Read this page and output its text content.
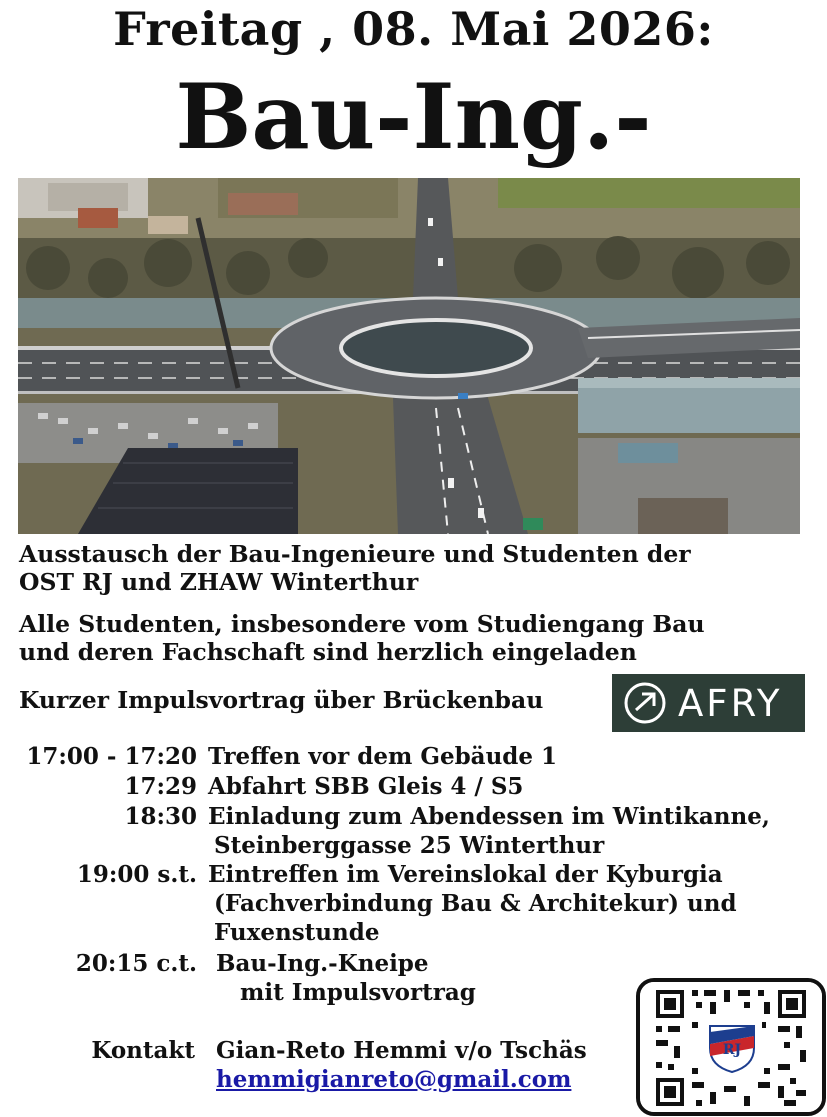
Freitag , 08. Mai 2026:
Bau-Ing.-
Ausstausch der Bau-Ingenieure und Studenten der
OST RJ und ZHAW Winterthur
Alle Studenten, insbesondere vom Studiengang Bau
und deren Fachschaft sind herzlich eingeladen
Kurzer Impulsvortrag über Brückenbau	AFRY
17:00 - 17:20 Treffen vor dem Gebäude 1
17:29 Abfahrt SBB Gleis 4 / S5
18:30 Einladung zum Abendessen im Wintikanne,
Steinberggasse 25 Winterthur
19:00 s.t. Eintreffen im Vereinslokal der Kyburgia
(Fachverbindung Bau & Architekur) und
Fuxenstunde
20:15 c.t. Bau-Ing.-Kneipe
mit Impulsvortrag
Kontakt Gian-Reto Hemmi v/o Tschäs
hemmigianreto@gmail.com
RJ
